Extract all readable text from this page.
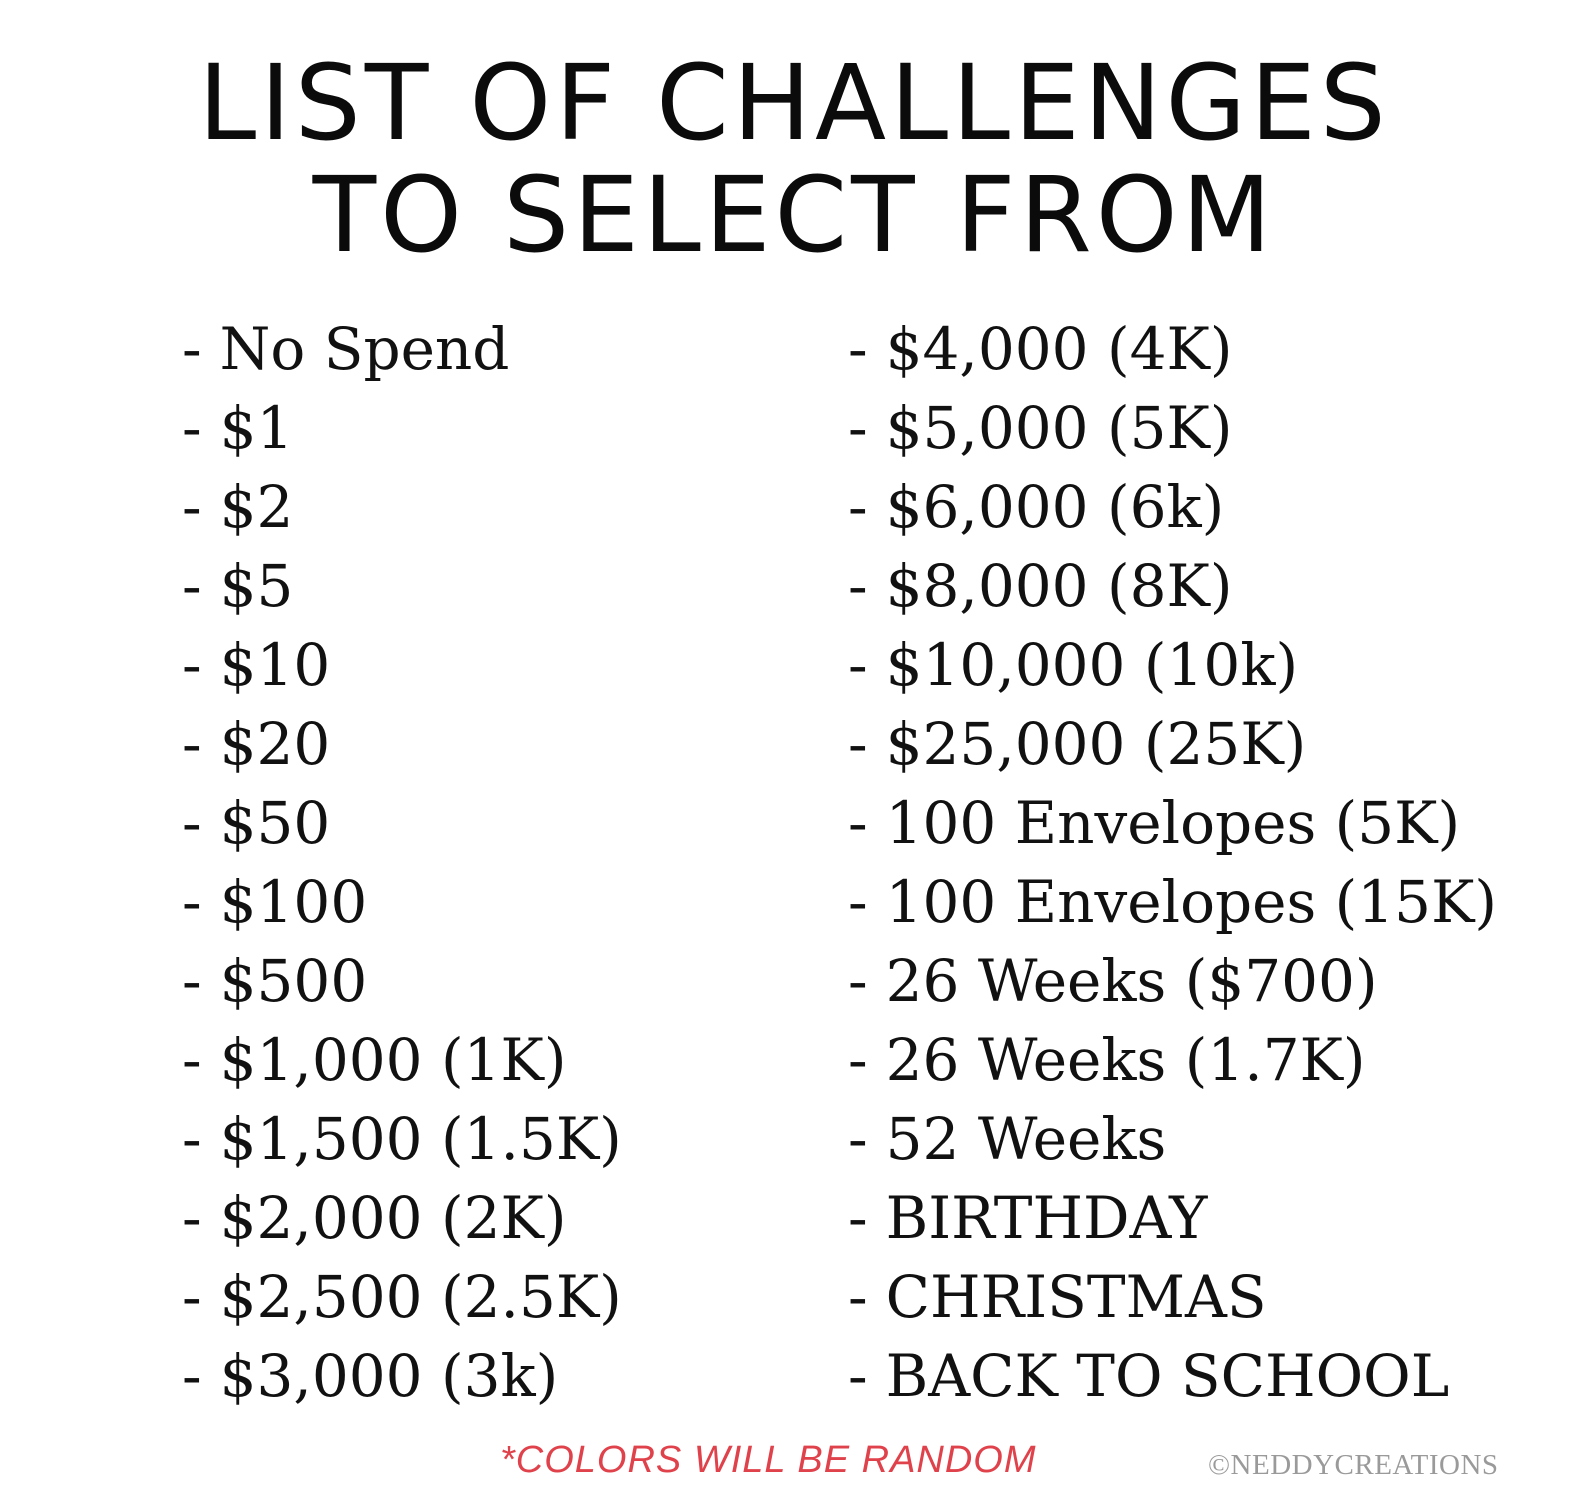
LIST OF CHALLENGES
TO SELECT FROM
- No Spend
- $1
- $2
- $5
- $10
- $20
- $50
- $100
- $500
- $1,000 (1K)
- $1,500 (1.5K)
- $2,000 (2K)
- $2,500 (2.5K)
- $3,000 (3k)
- $4,000 (4K)
- $5,000 (5K)
- $6,000 (6k)
- $8,000 (8K)
- $10,000 (10k)
- $25,000 (25K)
- 100 Envelopes (5K)
- 100 Envelopes (15K)
- 26 Weeks ($700)
- 26 Weeks (1.7K)
- 52 Weeks
- BIRTHDAY
- CHRISTMAS
- BACK TO SCHOOL
*COLORS WILL BE RANDOM	©NEDDYCREATIONS
